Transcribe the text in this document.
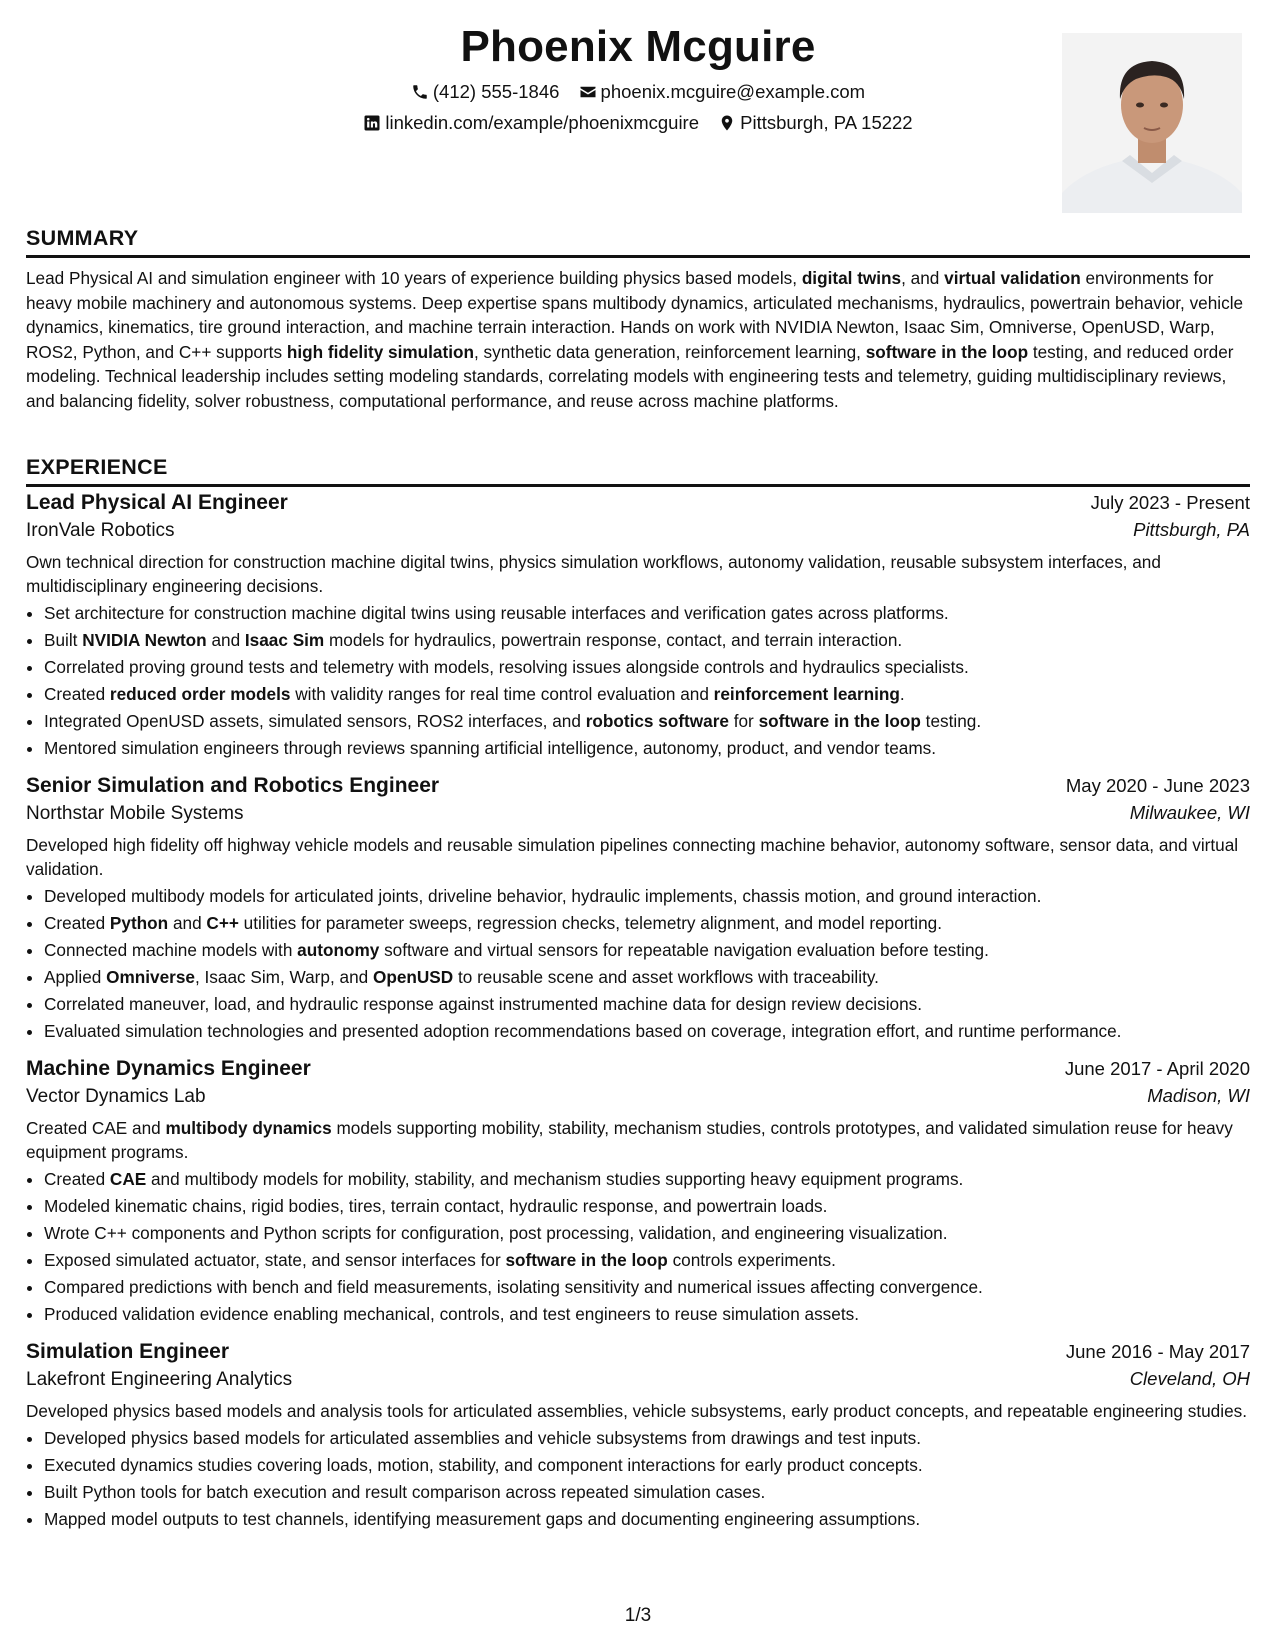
Phoenix Mcguire
(412) 555-1846
phoenix.mcguire@example.com
linkedin.com/example/phoenixmcguire
Pittsburgh, PA 15222
SUMMARY
Lead Physical AI and simulation engineer with 10 years of experience building physics based models, digital twins, and virtual validation environments for heavy mobile machinery and autonomous systems. Deep expertise spans multibody dynamics, articulated mechanisms, hydraulics, powertrain behavior, vehicle dynamics, kinematics, tire ground interaction, and machine terrain interaction. Hands on work with NVIDIA Newton, Isaac Sim, Omniverse, OpenUSD, Warp, ROS2, Python, and C++ supports high fidelity simulation, synthetic data generation, reinforcement learning, software in the loop testing, and reduced order modeling. Technical leadership includes setting modeling standards, correlating models with engineering tests and telemetry, guiding multidisciplinary reviews, and balancing fidelity, solver robustness, computational performance, and reuse across machine platforms.
EXPERIENCE
Lead Physical AI Engineer	July 2023 - Present
IronVale Robotics	Pittsburgh, PA
Own technical direction for construction machine digital twins, physics simulation workflows, autonomy validation, reusable subsystem interfaces, and multidisciplinary engineering decisions.
• Set architecture for construction machine digital twins using reusable interfaces and verification gates across platforms.
• Built NVIDIA Newton and Isaac Sim models for hydraulics, powertrain response, contact, and terrain interaction.
• Correlated proving ground tests and telemetry with models, resolving issues alongside controls and hydraulics specialists.
• Created reduced order models with validity ranges for real time control evaluation and reinforcement learning.
• Integrated OpenUSD assets, simulated sensors, ROS2 interfaces, and robotics software for software in the loop testing.
• Mentored simulation engineers through reviews spanning artificial intelligence, autonomy, product, and vendor teams.
Senior Simulation and Robotics Engineer	May 2020 - June 2023
Northstar Mobile Systems	Milwaukee, WI
Developed high fidelity off highway vehicle models and reusable simulation pipelines connecting machine behavior, autonomy software, sensor data, and virtual validation.
• Developed multibody models for articulated joints, driveline behavior, hydraulic implements, chassis motion, and ground interaction.
• Created Python and C++ utilities for parameter sweeps, regression checks, telemetry alignment, and model reporting.
• Connected machine models with autonomy software and virtual sensors for repeatable navigation evaluation before testing.
• Applied Omniverse, Isaac Sim, Warp, and OpenUSD to reusable scene and asset workflows with traceability.
• Correlated maneuver, load, and hydraulic response against instrumented machine data for design review decisions.
• Evaluated simulation technologies and presented adoption recommendations based on coverage, integration effort, and runtime performance.
Machine Dynamics Engineer	June 2017 - April 2020
Vector Dynamics Lab	Madison, WI
Created CAE and multibody dynamics models supporting mobility, stability, mechanism studies, controls prototypes, and validated simulation reuse for heavy equipment programs.
• Created CAE and multibody models for mobility, stability, and mechanism studies supporting heavy equipment programs.
• Modeled kinematic chains, rigid bodies, tires, terrain contact, hydraulic response, and powertrain loads.
• Wrote C++ components and Python scripts for configuration, post processing, validation, and engineering visualization.
• Exposed simulated actuator, state, and sensor interfaces for software in the loop controls experiments.
• Compared predictions with bench and field measurements, isolating sensitivity and numerical issues affecting convergence.
• Produced validation evidence enabling mechanical, controls, and test engineers to reuse simulation assets.
Simulation Engineer	June 2016 - May 2017
Lakefront Engineering Analytics	Cleveland, OH
Developed physics based models and analysis tools for articulated assemblies, vehicle subsystems, early product concepts, and repeatable engineering studies.
• Developed physics based models for articulated assemblies and vehicle subsystems from drawings and test inputs.
• Executed dynamics studies covering loads, motion, stability, and component interactions for early product concepts.
• Built Python tools for batch execution and result comparison across repeated simulation cases.
• Mapped model outputs to test channels, identifying measurement gaps and documenting engineering assumptions.
1/3
